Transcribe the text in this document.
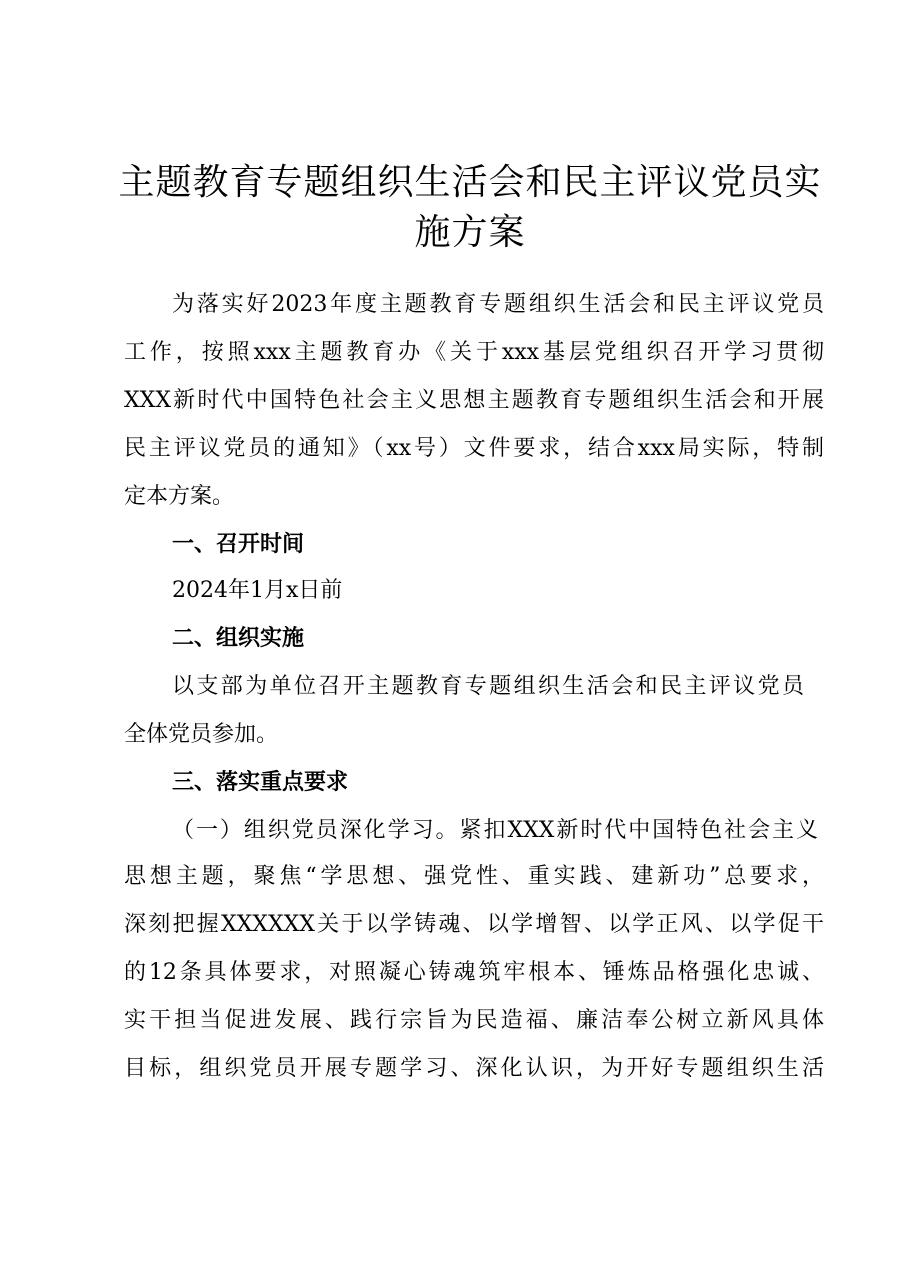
主题教育专题组织生活会和民主评议党员实施方案

为落实好2023年度主题教育专题组织生活会和民主评议党员

工作，按照xxx主题教育办《关于xxx基层党组织召开学习贯彻

XXX新时代中国特色社会主义思想主题教育专题组织生活会和开展

民主评议党员的通知》（xx号）文件要求，结合xxx局实际，特制

定本方案。

一、召开时间

2024年1月x日前

二、组织实施

以支部为单位召开主题教育专题组织生活会和民主评议党员

全体党员参加。

三、落实重点要求

（一）组织党员深化学习。紧扣XXX新时代中国特色社会主义

思想主题，聚焦“学思想、强党性、重实践、建新功”总要求，

深刻把握XXXXXX关于以学铸魂、以学增智、以学正风、以学促干

的12条具体要求，对照凝心铸魂筑牢根本、锤炼品格强化忠诚、

实干担当促进发展、践行宗旨为民造福、廉洁奉公树立新风具体

目标，组织党员开展专题学习、深化认识，为开好专题组织生活
